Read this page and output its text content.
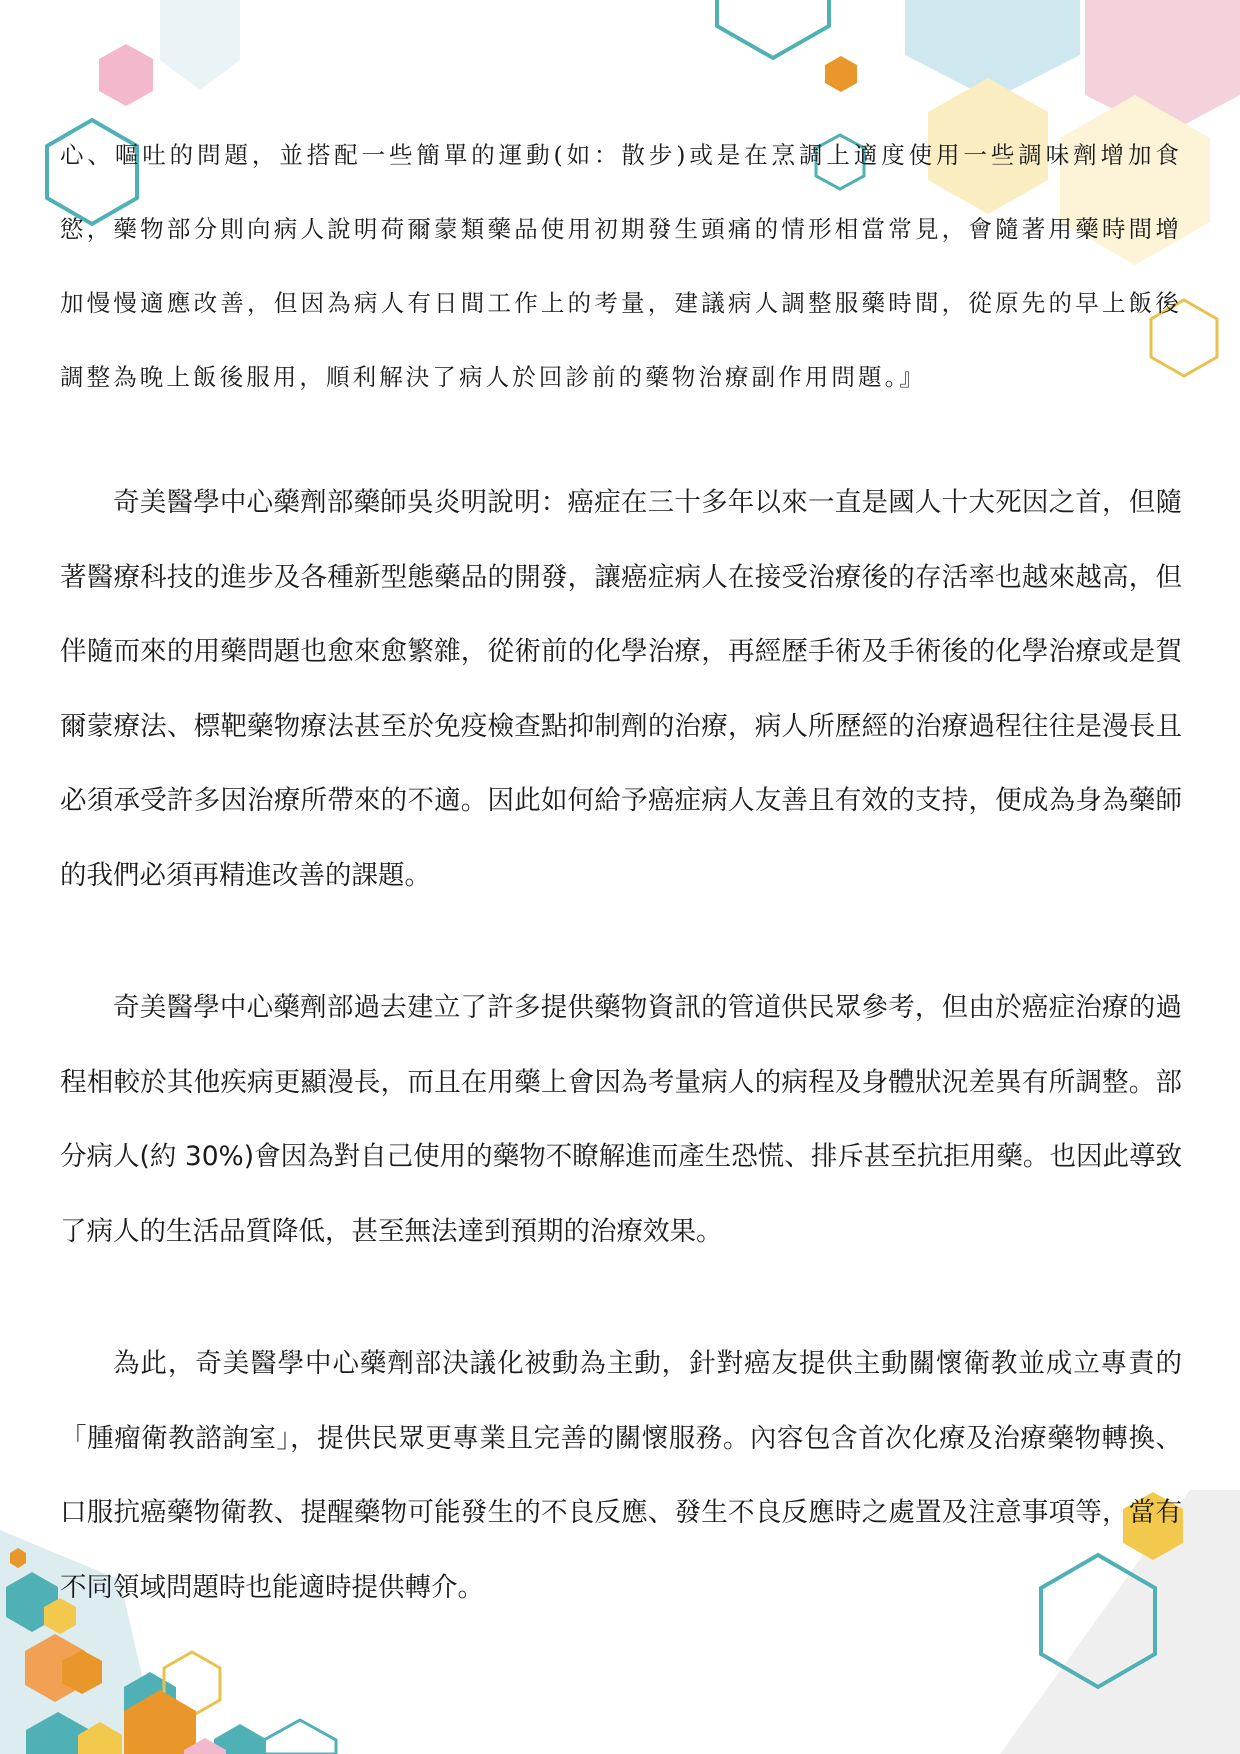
心、嘔吐的問題，並搭配一些簡單的運動(如：散步)或是在烹調上適度使用一些調味劑增加食慾，藥物部分則向病人說明荷爾蒙類藥品使用初期發生頭痛的情形相當常見，會隨著用藥時間增加慢慢適應改善，但因為病人有日間工作上的考量，建議病人調整服藥時間，從原先的早上飯後調整為晚上飯後服用，順利解決了病人於回診前的藥物治療副作用問題。』

奇美醫學中心藥劑部藥師吳炎明說明：癌症在三十多年以來一直是國人十大死因之首，但隨著醫療科技的進步及各種新型態藥品的開發，讓癌症病人在接受治療後的存活率也越來越高，但伴隨而來的用藥問題也愈來愈繁雜，從術前的化學治療，再經歷手術及手術後的化學治療或是賀爾蒙療法、標靶藥物療法甚至於免疫檢查點抑制劑的治療，病人所歷經的治療過程往往是漫長且必須承受許多因治療所帶來的不適。因此如何給予癌症病人友善且有效的支持，便成為身為藥師的我們必須再精進改善的課題。

奇美醫學中心藥劑部過去建立了許多提供藥物資訊的管道供民眾參考，但由於癌症治療的過程相較於其他疾病更顯漫長，而且在用藥上會因為考量病人的病程及身體狀況差異有所調整。部分病人(約 30%)會因為對自己使用的藥物不瞭解進而產生恐慌、排斥甚至抗拒用藥。也因此導致了病人的生活品質降低，甚至無法達到預期的治療效果。

為此，奇美醫學中心藥劑部決議化被動為主動，針對癌友提供主動關懷衛教並成立專責的「腫瘤衛教諮詢室」，提供民眾更專業且完善的關懷服務。內容包含首次化療及治療藥物轉換、口服抗癌藥物衛教、提醒藥物可能發生的不良反應、發生不良反應時之處置及注意事項等，當有不同領域問題時也能適時提供轉介。
